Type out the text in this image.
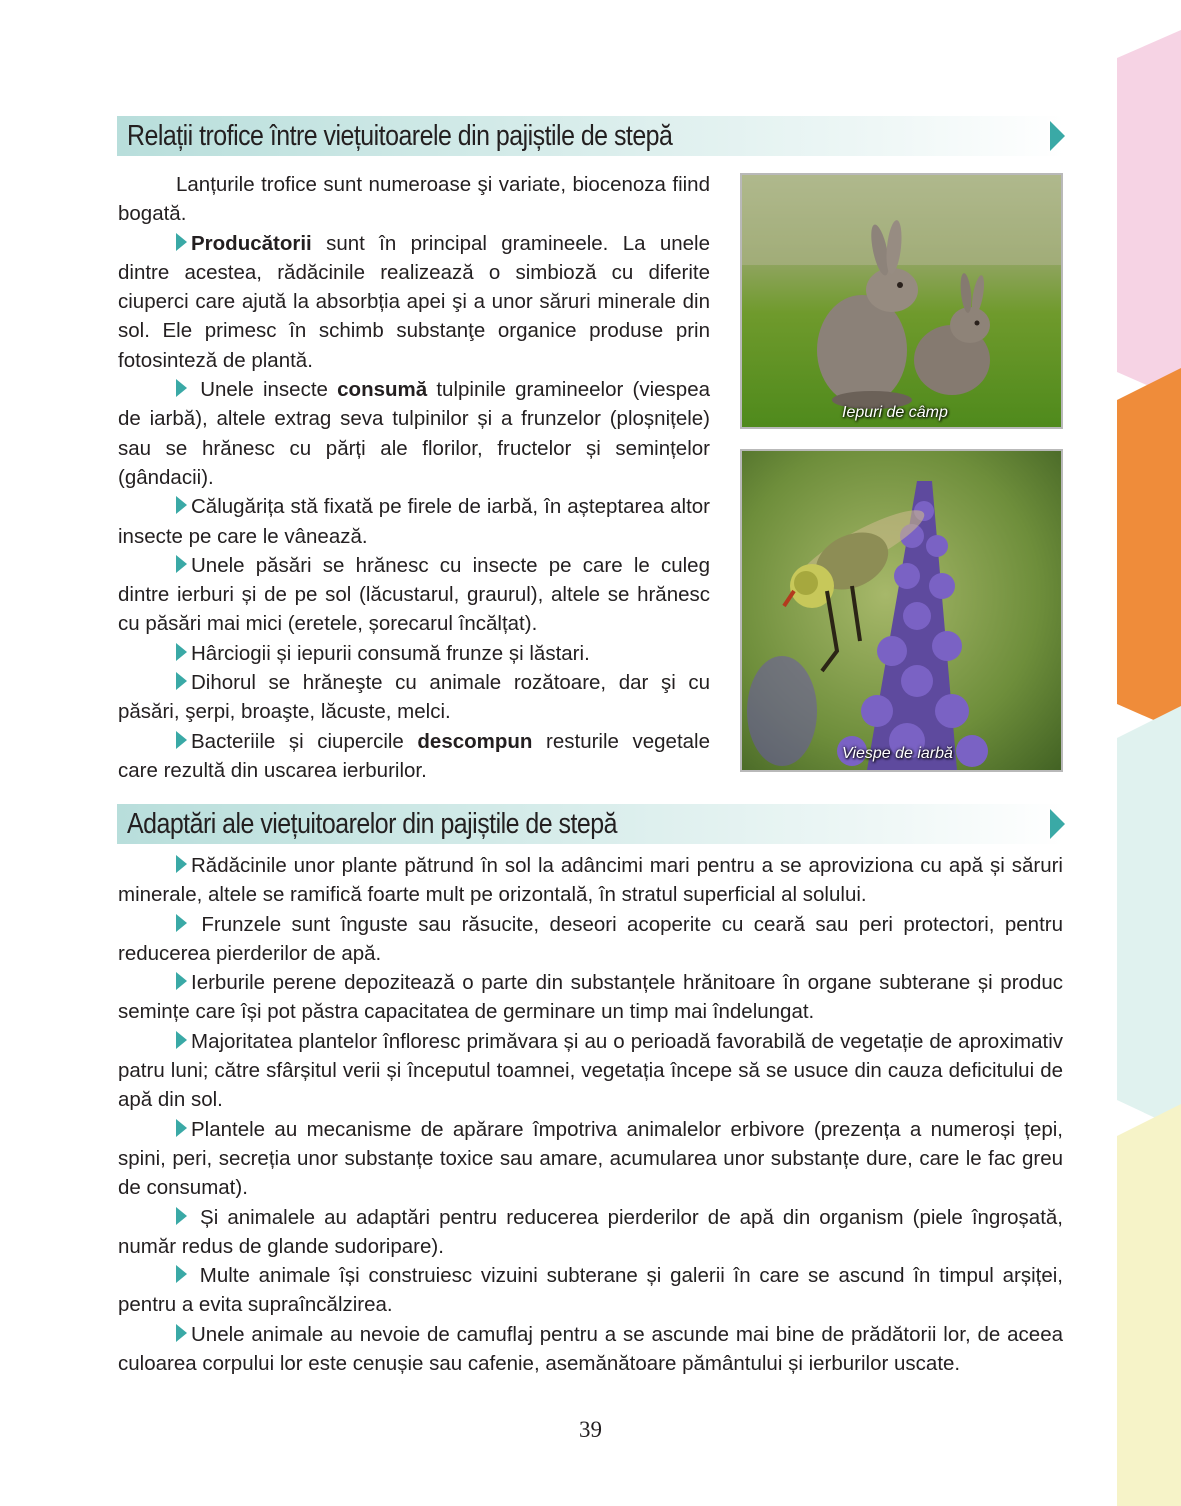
Relații trofice între viețuitoarele din pajiștile de stepă

Lanțurile trofice sunt numeroase şi variate, biocenoza fiind bogată.

Producătorii sunt în principal gramineele. La unele dintre acestea, rădăcinile realizează o simbioză cu diferite ciuperci care ajută la absorbția apei şi a unor săruri minerale din sol. Ele primesc în schimb substanţe organice produse prin fotosinteză de plantă.

Unele insecte consumă tulpinile gramineelor (viespea de iarbă), altele extrag seva tulpinilor și a frunzelor (ploșnițele) sau se hrănesc cu părți ale florilor, fructelor și semințelor (gândacii).

Călugărița stă fixată pe firele de iarbă, în așteptarea altor insecte pe care le vânează.

Unele păsări se hrănesc cu insecte pe care le culeg dintre ierburi și de pe sol (lăcustarul, graurul), altele se hrănesc cu păsări mai mici (eretele, șorecarul încălțat).

Hârciogii și iepurii consumă frunze și lăstari.

Dihorul se hrăneşte cu animale rozătoare, dar şi cu păsări, şerpi, broaşte, lăcuste, melci.

Bacteriile și ciupercile descompun resturile vegetale care rezultă din uscarea ierburilor.

Iepuri de câmp
Viespe de iarbă
Adaptări ale viețuitoarelor din pajiștile de stepă

Rădăcinile unor plante pătrund în sol la adâncimi mari pentru a se aproviziona cu apă și săruri minerale, altele se ramifică foarte mult pe orizontală, în stratul superficial al solului.

Frunzele sunt înguste sau răsucite, deseori acoperite cu ceară sau peri protectori, pentru reducerea pierderilor de apă.

Ierburile perene depozitează o parte din substanțele hrănitoare în organe subterane și produc semințe care își pot păstra capacitatea de germinare un timp mai îndelungat.

Majoritatea plantelor înfloresc primăvara și au o perioadă favorabilă de vegetație de aproximativ patru luni; către sfârșitul verii și începutul toamnei, vegetația începe să se usuce din cauza deficitului de apă din sol.

Plantele au mecanisme de apărare împotriva animalelor erbivore (prezența a numeroși țepi, spini, peri, secreția unor substanțe toxice sau amare, acumularea unor substanțe dure, care le fac greu de consumat).

Și animalele au adaptări pentru reducerea pierderilor de apă din organism (piele îngroșată, număr redus de glande sudoripare).

Multe animale își construiesc vizuini subterane și galerii în care se ascund în timpul arșiței, pentru a evita supraîncălzirea.

Unele animale au nevoie de camuflaj pentru a se ascunde mai bine de prădătorii lor, de aceea culoarea corpului lor este cenușie sau cafenie, asemănătoare pământului și ierburilor uscate.

39
